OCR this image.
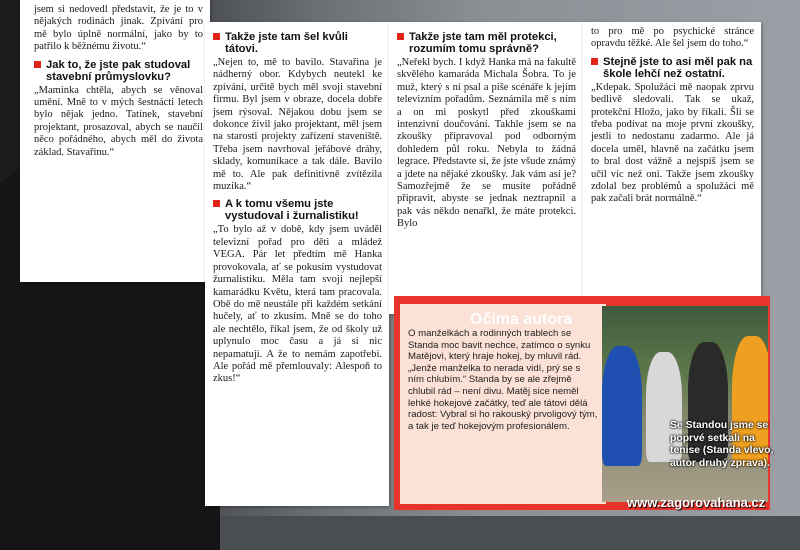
jsem si nedovedl představit, že je to v nějakých rodinách jinak. Zpívání pro mě bylo úplně normální, jako by to patřilo k běžnému životu.“

Jak to, že jste pak studoval stavební průmyslovku?

„Maminka chtěla, abych se věnoval umění. Mně to v mých šestnácti letech bylo nějak jedno. Tatínek, stavební projektant, prosazoval, abych se naučil něco pořádného, abych měl do života základ. Stavařinu.“

Takže jste tam šel kvůli tátovi.

„Nejen to, mě to bavilo. Stavařina je nádherný obor. Kdybych neutekl ke zpívání, určitě bych měl svoji stavební firmu. Byl jsem v obraze, docela dobře jsem rýsoval. Nějakou dobu jsem se dokonce živil jako projektant, měl jsem na starosti projekty zařízení staveniště. Třeba jsem navrhoval jeřábové dráhy, sklady, komunikace a tak dále. Bavilo mě to. Ale pak definitivně zvítězila muzika.“

A k tomu všemu jste vystudoval i žurnalistiku!

„To bylo až v době, kdy jsem uváděl televizní pořad pro děti a mládež VEGA. Pár let předtím mě Hanka provokovala, ať se pokusím vystudovat žurnalistiku. Měla tam svoji nejlepší kamarádku Květu, která tam pracovala. Obě do mě neustále při každém setkání hučely, ať to zkusím. Mně se do toho ale nechtělo, říkal jsem, že od školy už uplynulo moc času a já si nic nepamatuji. A že to nemám zapotřebí. Ale pořád mě přemlouvaly: Alespoň to zkus!“

Takže jste tam měl protekci, rozumím tomu správně?

„Neřekl bych. I když Hanka má na fakultě skvělého kamaráda Michala Šobra. To je muž, který s ní psal a píše scénáře k jejím televizním pořadům. Seznámila mě s ním a on mi poskytl před zkouškami intenzivní doučování. Takhle jsem se na zkoušky připravoval pod odborným dohledem půl roku. Nebyla to žádná legrace. Představte si, že jste všude známý a jdete na nějaké zkoušky. Jak vám asi je? Samozřejmě že se musíte pořádně připravit, abyste se jednak neztrapnil a pak vás někdo nenařkl, že máte protekci. Bylo

to pro mě po psychické stránce opravdu těžké. Ale šel jsem do toho.“

Stejně jste to asi měl pak na škole lehčí než ostatní.

„Kdepak. Spolužáci mě naopak zprvu bedlivě sledovali. Tak se ukaž, protekční Hložo, jako by říkali. Šli se třeba podívat na moje první zkoušky, jestli to nedostanu zadarmo. Ale já docela uměl, hlavně na začátku jsem to bral dost vážně a nejspíš jsem se učil víc než oni. Takže jsem zkoušky zdolal bez problémů a spolužáci mě pak začali brát normálně.“

O manželkách a rodinných trablech se Standa moc bavit nechce, zatímco o synku Matějovi, který hraje hokej, by mluvil rád. „Jenže manželka to nerada vidí, prý se s ním chlubím.“ Standa by se ale zřejmě chlubil rád – není divu. Matěj sice neměl lehké hokejové začátky, teď ale tátovi dělá radost: Vybral si ho rakouský prvoligový tým, a tak je teď hokejovým profesionálem.

Očima autora
Se Standou jsme se poprvé setkali na tenise (Standa vlevo, autor druhý zprava).
www.zagorovahana.cz
